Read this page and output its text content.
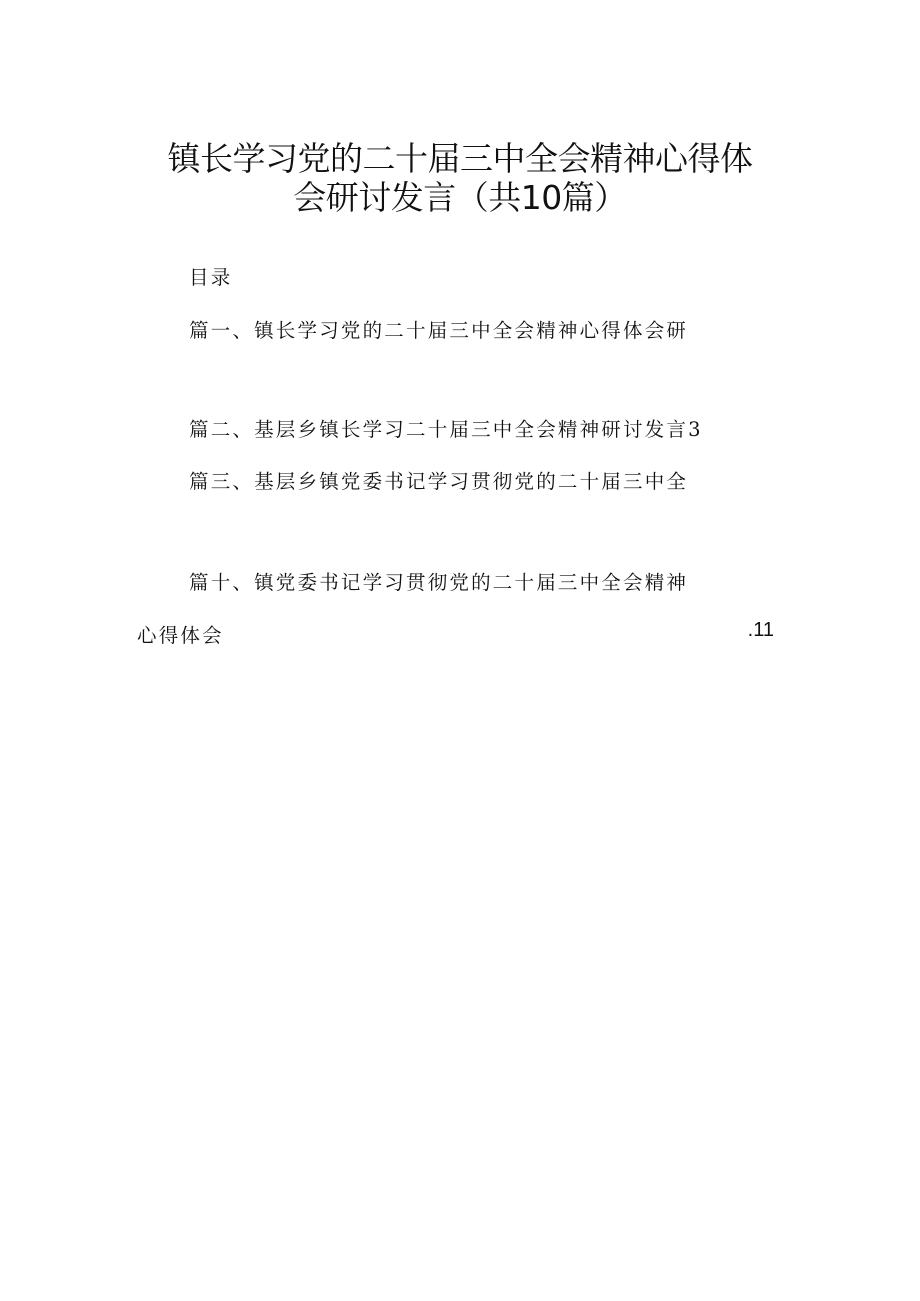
镇长学习党的二十届三中全会精神心得体
会研讨发言（共10篇）
目录
篇一、镇长学习党的二十届三中全会精神心得体会研
篇二、基层乡镇长学习二十届三中全会精神研讨发言3
篇三、基层乡镇党委书记学习贯彻党的二十届三中全
篇十、镇党委书记学习贯彻党的二十届三中全会精神
心得体会	.11
